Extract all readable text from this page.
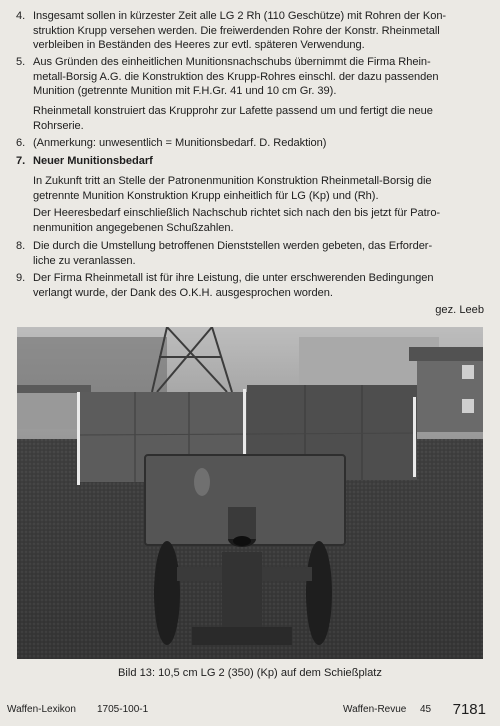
4. Insgesamt sollen in kürzester Zeit alle LG 2 Rh (110 Geschütze) mit Rohren der Kon-
struktion Krupp versehen werden. Die freiwerdenden Rohre der Konstr. Rheinmetall
verbleiben in Beständen des Heeres zur evtl. späteren Verwendung.
5. Aus Gründen des einheitlichen Munitionsnachschubs übernimmt die Firma Rhein-
metall-Borsig A.G. die Konstruktion des Krupp-Rohres einschl. der dazu passenden
Munition (getrennte Munition mit F.H.Gr. 41 und 10 cm Gr. 39).
Rheinmetall konstruiert das Krupprohr zur Lafette passend um und fertigt die neue
Rohrserie.
6. (Anmerkung: unwesentlich = Munitionsbedarf. D. Redaktion)
7. Neuer Munitionsbedarf
In Zukunft tritt an Stelle der Patronenmunition Konstruktion Rheinmetall-Borsig die
getrennte Munition Konstruktion Krupp einheitlich für LG (Kp) und (Rh).
Der Heeresbedarf einschließlich Nachschub richtet sich nach den bis jetzt für Patro-
nenmunition angegebenen Schußzahlen.
8. Die durch die Umstellung betroffenen Dienststellen werden gebeten, das Erforder-
liche zu veranlassen.
9. Der Firma Rheinmetall ist für ihre Leistung, die unter erschwerenden Bedingungen
verlangt wurde, der Dank des O.K.H. ausgesprochen worden.
gez. Leeb
Bild 13: 10,5 cm LG 2 (350) (Kp) auf dem Schießplatz
Waffen-Lexikon 1705-100-1	Waffen-Revue 45 7181
